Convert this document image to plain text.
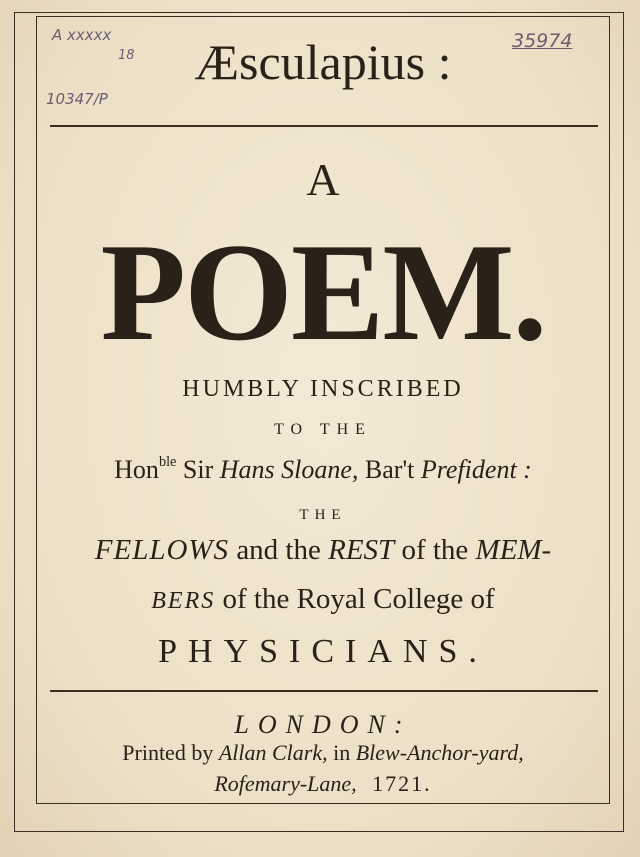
A xxxxx
18
10347/P
35974
Æsculapius :
A
POEM.
HUMBLY INSCRIBED
TO THE
Hon$^{ble}$ Sir Hans Sloane, Bar't Prefident :
THE
FELLOWS and the REST of the MEM-
BERS of the Royal College of
PHYSICIANS.
LONDON:
Printed by Allan Clark, in Blew-Anchor-yard,
Rofemary-Lane, 1721.
